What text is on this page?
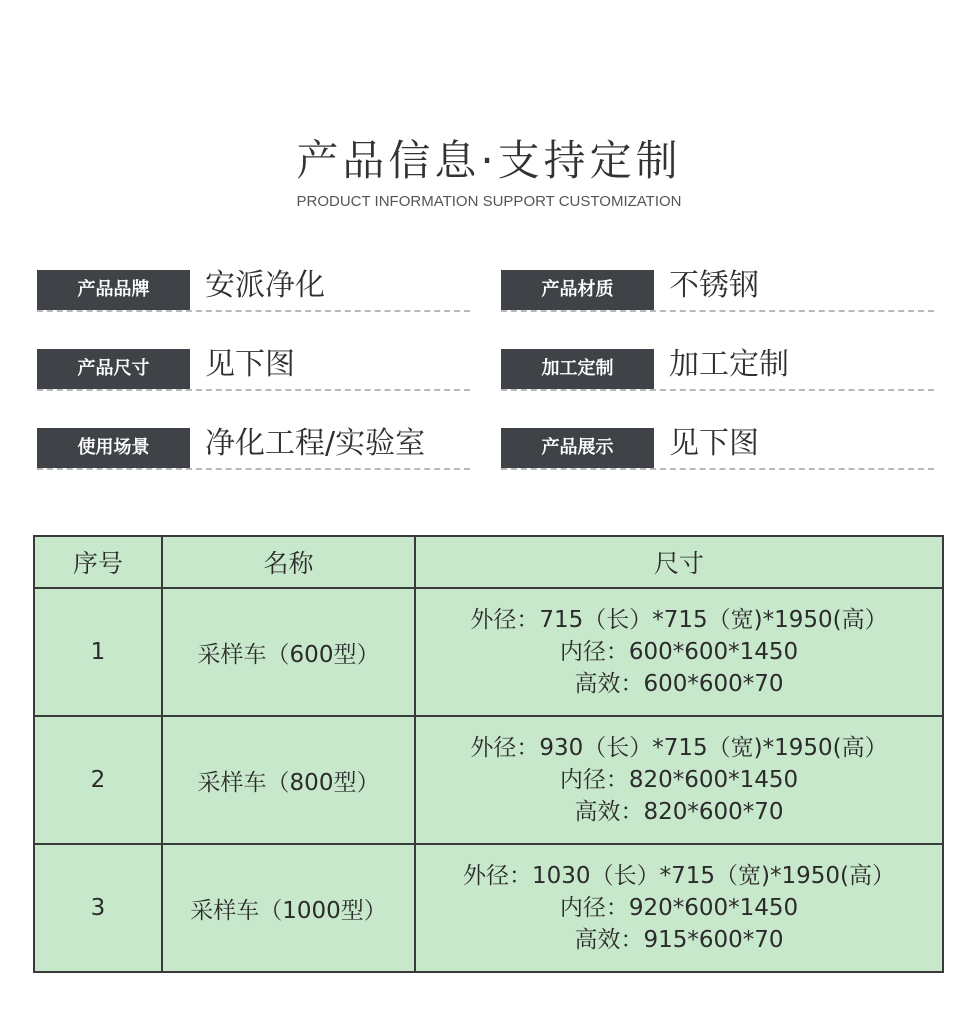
产品信息·支持定制
PRODUCT INFORMATION SUPPORT CUSTOMIZATION
产品品牌	安派净化	产品材质	不锈钢
产品尺寸	见下图	加工定制	加工定制
使用场景	净化工程/实验室	产品展示	见下图
序号	名称	尺寸
1	采样车（600型）	外径：715（长）*715（宽)*1950(高）
内径：600*600*1450
高效：600*600*70

2	采样车（800型）	外径：930（长）*715（宽)*1950(高）
内径：820*600*1450
高效：820*600*70

3	采样车（1000型）	外径：1030（长）*715（宽)*1950(高）
内径：920*600*1450
高效：915*600*70
